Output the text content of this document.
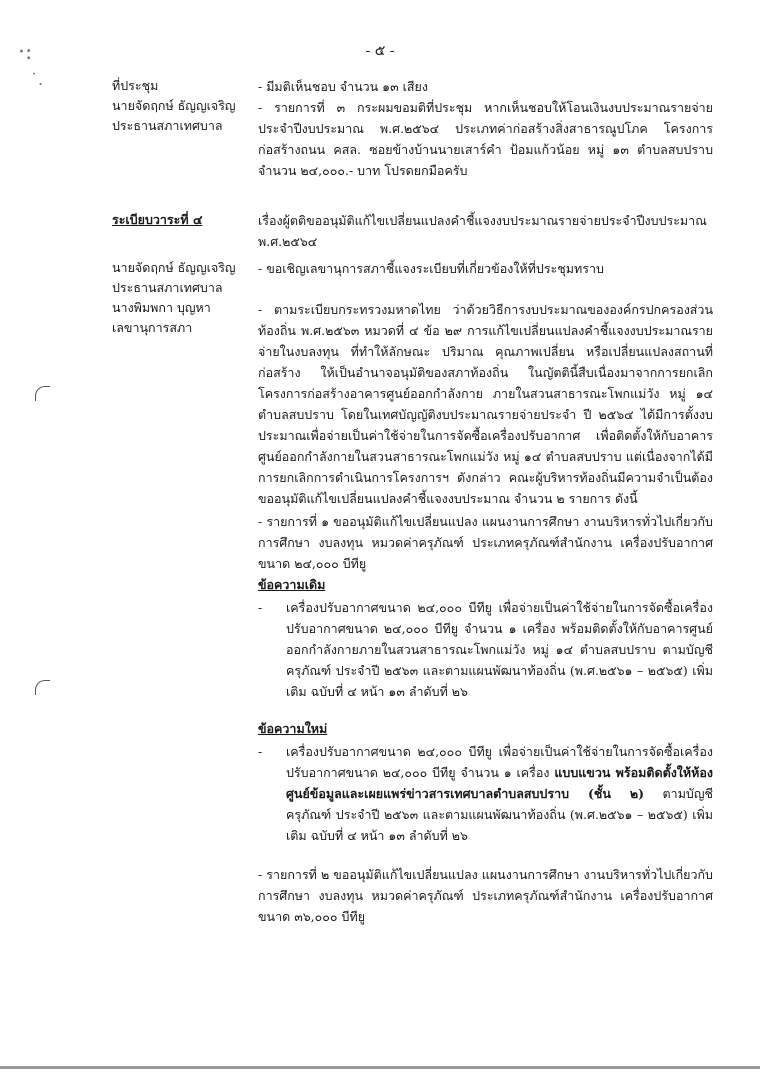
·:
˙.
- ๕ -
ที่ประชุม
นายจัดฤกษ์ ธัญญเจริญ
ประธานสภาเทศบาล

- มีมติเห็นชอบ จำนวน ๑๓ เสียง

- รายการที่ ๓ กระผมขอมติที่ประชุม หากเห็นชอบให้โอนเงินงบประมาณรายจ่ายประจำปีงบประมาณ พ.ศ.๒๕๖๔ ประเภทค่าก่อสร้างสิ่งสาธารณูปโภค โครงการก่อสร้างถนน คสล. ซอยข้างบ้านนายเสาร์คำ ป้อมแก้วน้อย หมู่ ๑๓ ตำบลสบปราบ จำนวน ๒๔,๐๐๐.- บาท โปรดยกมือครับ

ระเบียบวาระที่ ๔	เรื่องผู้ตติขออนุมัติแก้ไขเปลี่ยนแปลงคำชี้แจงงบประมาณรายจ่ายประจำปีงบประมาณ พ.ศ.๒๕๖๔

นายจัดฤกษ์ ธัญญเจริญ
ประธานสภาเทศบาล
นางพิมพกา บุญหา
เลขานุการสภา

- ขอเชิญเลขานุการสภาชี้แจงระเบียบที่เกี่ยวข้องให้ที่ประชุมทราบ

- ตามระเบียบกระทรวงมหาดไทย ว่าด้วยวิธีการงบประมาณขององค์กรปกครองส่วนท้องถิ่น พ.ศ.๒๕๖๓ หมวดที่ ๔ ข้อ ๒๙ การแก้ไขเปลี่ยนแปลงคำชี้แจงงบประมาณรายจ่ายในงบลงทุน ที่ทำให้ลักษณะ ปริมาณ คุณภาพเปลี่ยน หรือเปลี่ยนแปลงสถานที่ก่อสร้าง ให้เป็นอำนาจอนุมัติของสภาท้องถิ่น ในญัตตินี้สืบเนื่องมาจากการยกเลิกโครงการก่อสร้างอาคารศูนย์ออกกำลังกาย ภายในสวนสาธารณะโพกแม่วัง หมู่ ๑๔ ตำบลสบปราบ โดยในเทศบัญญัติงบประมาณรายจ่ายประจำ ปี ๒๕๖๔ ได้มีการตั้งงบประมาณเพื่อจ่ายเป็นค่าใช้จ่ายในการจัดซื้อเครื่องปรับอากาศ เพื่อติดตั้งให้กับอาคารศูนย์ออกกำลังกายในสวนสาธารณะโพกแม่วัง หมู่ ๑๔ ตำบลสบปราบ แต่เนื่องจากได้มีการยกเลิกการดำเนินการโครงการฯ ดังกล่าว คณะผู้บริหารท้องถิ่นมีความจำเป็นต้องขออนุมัติแก้ไขเปลี่ยนแปลงคำชี้แจงงบประมาณ จำนวน ๒ รายการ ดังนี้

- รายการที่ ๑ ขออนุมัติแก้ไขเปลี่ยนแปลง แผนงานการศึกษา งานบริหารทั่วไปเกี่ยวกับการศึกษา งบลงทุน หมวดค่าครุภัณฑ์ ประเภทครุภัณฑ์สำนักงาน เครื่องปรับอากาศ ขนาด ๒๔,๐๐๐ บีทียู

ข้อความเดิม

- เครื่องปรับอากาศขนาด ๒๔,๐๐๐ บีทียู เพื่อจ่ายเป็นค่าใช้จ่ายในการจัดซื้อเครื่องปรับอากาศขนาด ๒๔,๐๐๐ บีทียู จำนวน ๑ เครื่อง พร้อมติดตั้งให้กับอาคารศูนย์ออกกำลังกายภายในสวนสาธารณะโพกแม่วัง หมู่ ๑๔ ตำบลสบปราบ ตามบัญชีครุภัณฑ์ ประจำปี ๒๕๖๓ และตามแผนพัฒนาท้องถิ่น (พ.ศ.๒๕๖๑ – ๒๕๖๕) เพิ่มเติม ฉบับที่ ๔ หน้า ๑๓ ลำดับที่ ๒๖

ข้อความใหม่

- เครื่องปรับอากาศขนาด ๒๔,๐๐๐ บีทียู เพื่อจ่ายเป็นค่าใช้จ่ายในการจัดซื้อเครื่องปรับอากาศขนาด ๒๔,๐๐๐ บีทียู จำนวน ๑ เครื่อง แบบแขวน พร้อมติดตั้งให้ห้องศูนย์ข้อมูลและเผยแพร่ข่าวสารเทศบาลตำบลสบปราบ (ชั้น ๒) ตามบัญชีครุภัณฑ์ ประจำปี ๒๕๖๓ และตามแผนพัฒนาท้องถิ่น (พ.ศ.๒๕๖๑ – ๒๕๖๕) เพิ่มเติม ฉบับที่ ๔ หน้า ๑๓ ลำดับที่ ๒๖

- รายการที่ ๒ ขออนุมัติแก้ไขเปลี่ยนแปลง แผนงานการศึกษา งานบริหารทั่วไปเกี่ยวกับการศึกษา งบลงทุน หมวดค่าครุภัณฑ์ ประเภทครุภัณฑ์สำนักงาน เครื่องปรับอากาศ ขนาด ๓๖,๐๐๐ บีทียู
